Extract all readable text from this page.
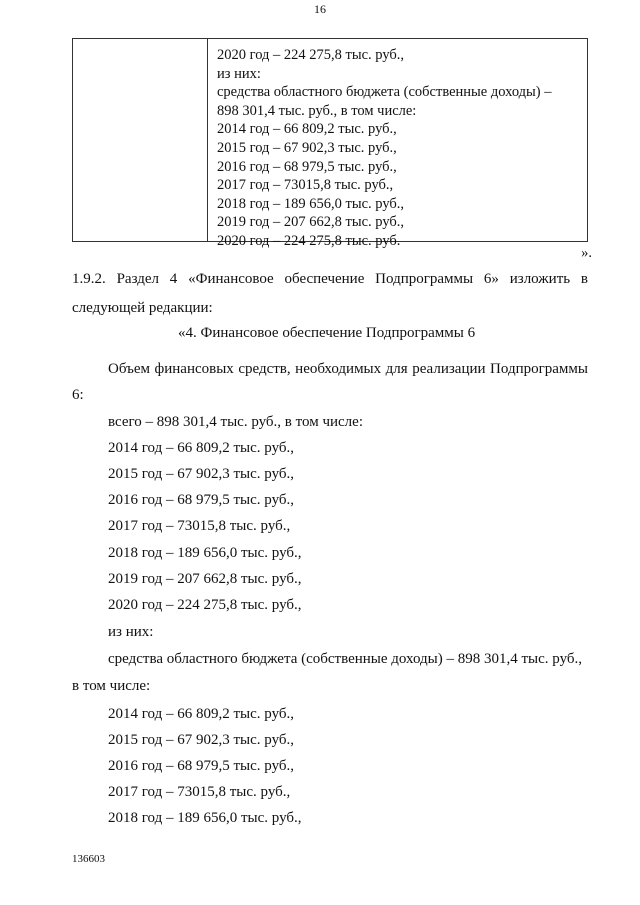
16
2020 год – 224 275,8 тыс. руб.,
из них:
средства областного бюджета (собственные доходы) –
898 301,4 тыс. руб., в том числе:
2014 год – 66 809,2 тыс. руб.,
2015 год – 67 902,3 тыс. руб.,
2016 год – 68 979,5 тыс. руб.,
2017 год – 73015,8 тыс. руб.,
2018 год – 189 656,0 тыс. руб.,
2019 год – 207 662,8 тыс. руб.,
2020 год – 224 275,8 тыс. руб.
».
1.9.2. Раздел 4 «Финансовое обеспечение Подпрограммы 6» изложить в
следующей редакции:
«4. Финансовое обеспечение Подпрограммы 6
Объем финансовых средств, необходимых для реализации Подпрограммы
6:
всего – 898 301,4 тыс. руб., в том числе:
2014 год – 66 809,2 тыс. руб.,
2015 год – 67 902,3 тыс. руб.,
2016 год – 68 979,5 тыс. руб.,
2017 год – 73015,8 тыс. руб.,
2018 год – 189 656,0 тыс. руб.,
2019 год – 207 662,8 тыс. руб.,
2020 год – 224 275,8 тыс. руб.,
из них:
средства областного бюджета (собственные доходы) – 898 301,4 тыс. руб.,
в том числе:
2014 год – 66 809,2 тыс. руб.,
2015 год – 67 902,3 тыс. руб.,
2016 год – 68 979,5 тыс. руб.,
2017 год – 73015,8 тыс. руб.,
2018 год – 189 656,0 тыс. руб.,
136603
